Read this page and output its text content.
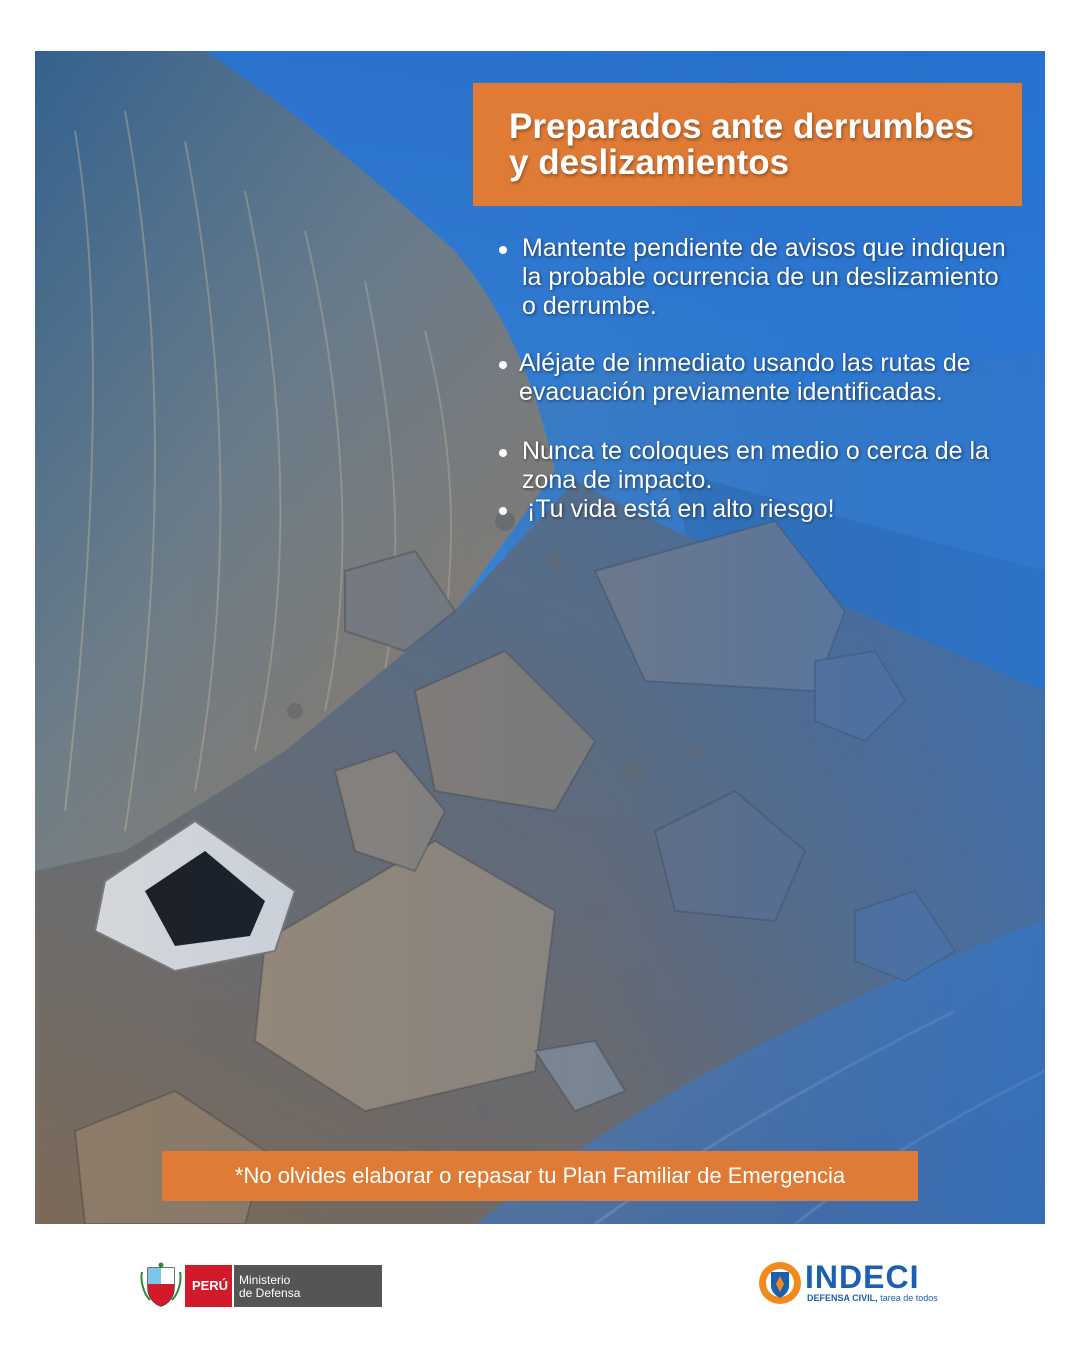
Preparados ante derrumbes
y deslizamientos
Mantente pendiente de avisos que indiquen la probable ocurrencia de un deslizamiento o derrumbe.
Aléjate de inmediato usando las rutas de evacuación previamente identificadas.
Nunca te coloques en medio o cerca de la zona de impacto.
¡Tu vida está en alto riesgo!
*No olvides elaborar o repasar tu Plan Familiar de Emergencia
PERÚ Ministerio
de Defensa	INDECI
DEFENSA CIVIL, tarea de todos
